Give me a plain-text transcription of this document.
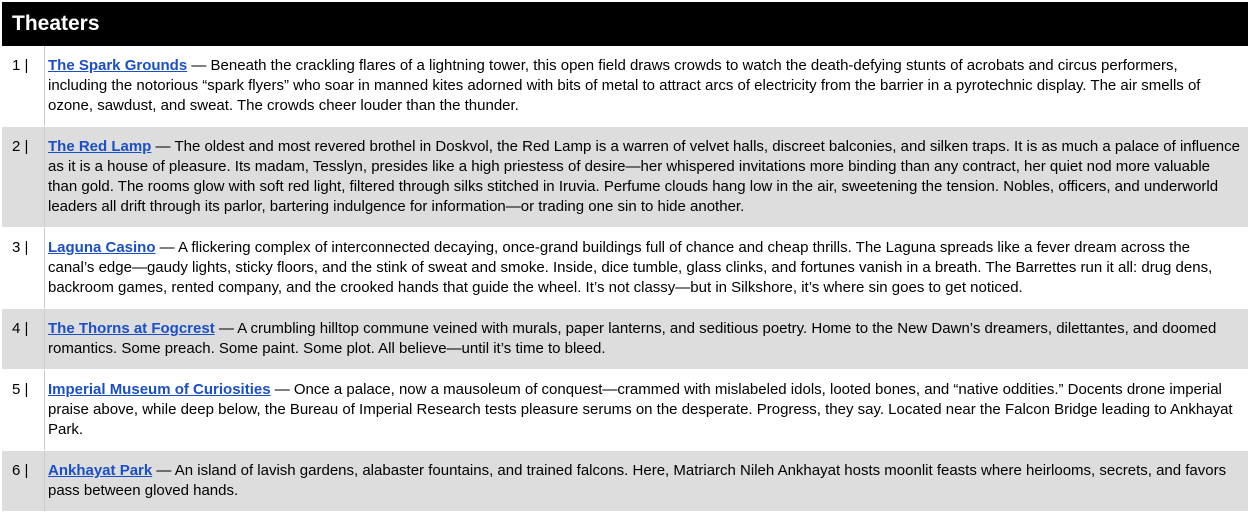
Theaters
1 |	The Spark Grounds — Beneath the crackling flares of a lightning tower, this open field draws crowds to watch the death-defying stunts of acrobats and circus performers, including the notorious “spark flyers” who soar in manned kites adorned with bits of metal to attract arcs of electricity from the barrier in a pyrotechnic display. The air smells of ozone, sawdust, and sweat. The crowds cheer louder than the thunder.
2 |	The Red Lamp — The oldest and most revered brothel in Doskvol, the Red Lamp is a warren of velvet halls, discreet balconies, and silken traps. It is as much a palace of influence as it is a house of pleasure. Its madam, Tesslyn, presides like a high priestess of desire—her whispered invitations more binding than any contract, her quiet nod more valuable than gold. The rooms glow with soft red light, filtered through silks stitched in Iruvia. Perfume clouds hang low in the air, sweetening the tension. Nobles, officers, and underworld leaders all drift through its parlor, bartering indulgence for information—or trading one sin to hide another.
3 |	Laguna Casino — A flickering complex of interconnected decaying, once-grand buildings full of chance and cheap thrills. The Laguna spreads like a fever dream across the canal’s edge—gaudy lights, sticky floors, and the stink of sweat and smoke. Inside, dice tumble, glass clinks, and fortunes vanish in a breath. The Barrettes run it all: drug dens, backroom games, rented company, and the crooked hands that guide the wheel. It’s not classy—but in Silkshore, it’s where sin goes to get noticed.
4 |	The Thorns at Fogcrest — A crumbling hilltop commune veined with murals, paper lanterns, and seditious poetry. Home to the New Dawn’s dreamers, dilettantes, and doomed romantics. Some preach. Some paint. Some plot. All believe—until it’s time to bleed.
5 |	Imperial Museum of Curiosities — Once a palace, now a mausoleum of conquest—crammed with mislabeled idols, looted bones, and “native oddities.” Docents drone imperial praise above, while deep below, the Bureau of Imperial Research tests pleasure serums on the desperate. Progress, they say. Located near the Falcon Bridge leading to Ankhayat Park.
6 |	Ankhayat Park — An island of lavish gardens, alabaster fountains, and trained falcons. Here, Matriarch Nileh Ankhayat hosts moonlit feasts where heirlooms, secrets, and favors pass between gloved hands.
